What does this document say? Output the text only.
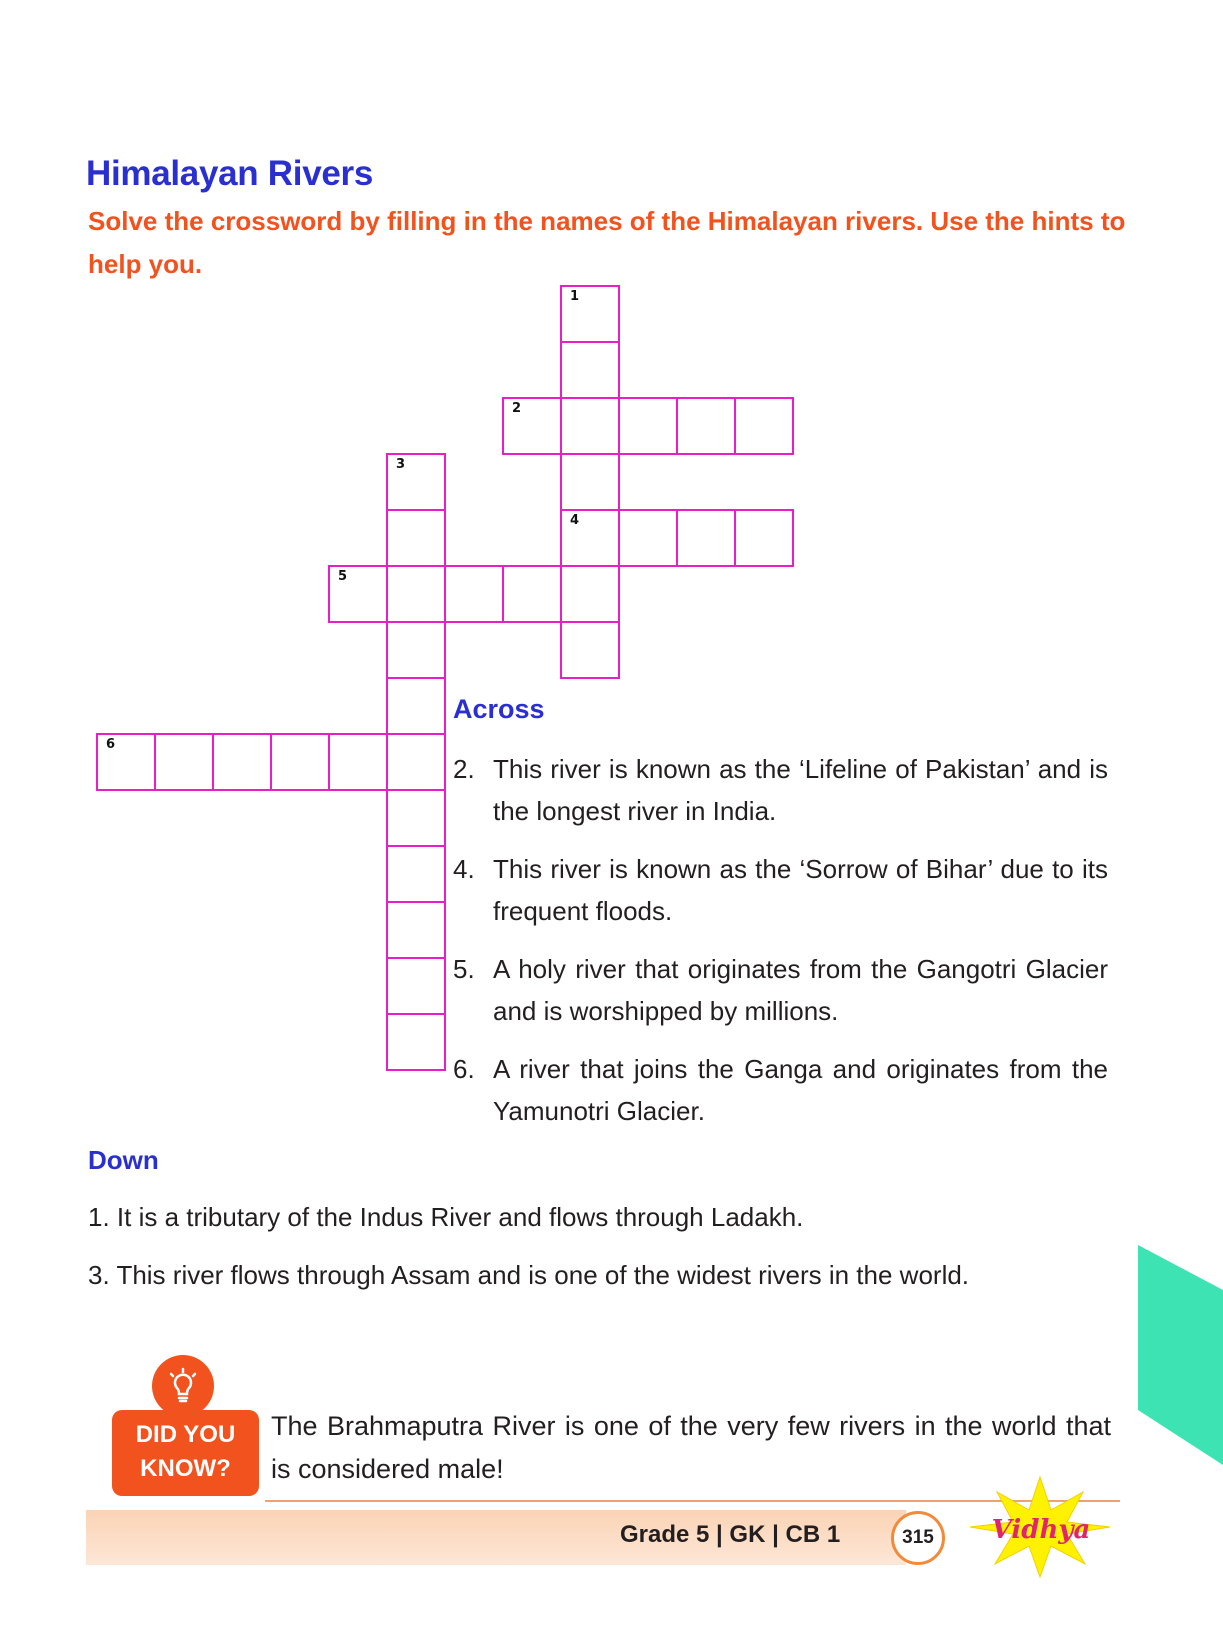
Himalayan Rivers
Solve the crossword by filling in the names of the Himalayan rivers. Use the hints to help you.
1
2
4
5
3
6
Across
2. This river is known as the ‘Lifeline of Pakistan’ and is the longest river in India.
4. This river is known as the ‘Sorrow of Bihar’ due to its frequent floods.
5. A holy river that originates from the Gangotri Glacier and is worshipped by millions.
6. A river that joins the Ganga and originates from the Yamunotri Glacier.
Down
1. It is a tributary of the Indus River and flows through Ladakh.
3. This river flows through Assam and is one of the widest rivers in the world.
DID YOU
KNOW?
The Brahmaputra River is one of the very few rivers in the world that is considered male!
Grade 5 | GK | CB 1	315	Vidhya
